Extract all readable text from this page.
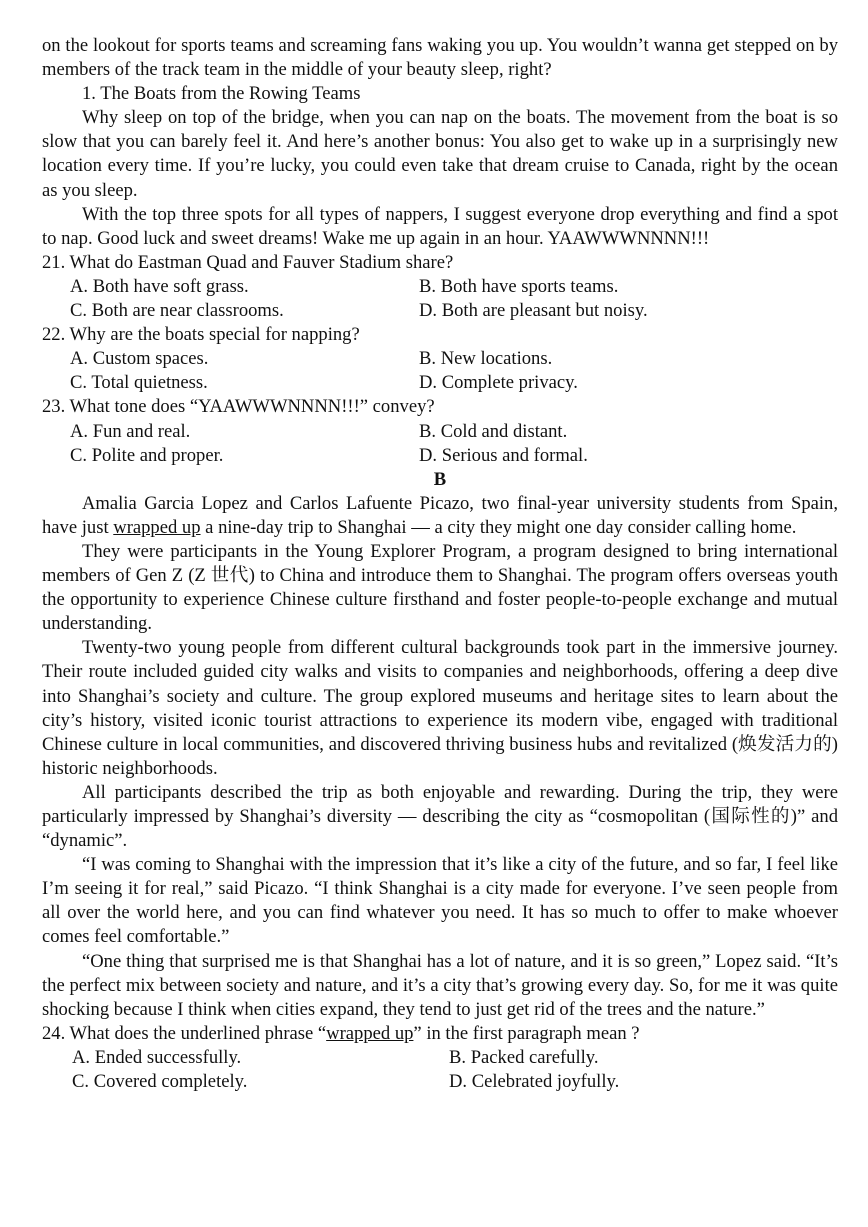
on the lookout for sports teams and screaming fans waking you up. You wouldn’t wanna get stepped on by members of the track team in the middle of your beauty sleep, right?

1. The Boats from the Rowing Teams

Why sleep on top of the bridge, when you can nap on the boats. The movement from the boat is so slow that you can barely feel it. And here’s another bonus: You also get to wake up in a surprisingly new location every time. If you’re lucky, you could even take that dream cruise to Canada, right by the ocean as you sleep.

With the top three spots for all types of nappers, I suggest everyone drop everything and find a spot to nap. Good luck and sweet dreams! Wake me up again in an hour. YAAWWWNNNN!!!

21. What do Eastman Quad and Fauver Stadium share?

A. Both have soft grass.	B. Both have sports teams.
C. Both are near classrooms.	D. Both are pleasant but noisy.

22. Why are the boats special for napping?

A. Custom spaces.	B. New locations.
C. Total quietness.	D. Complete privacy.

23. What tone does “YAAWWWNNNN!!!” convey?

A. Fun and real.	B. Cold and distant.
C. Polite and proper.	D. Serious and formal.

B

Amalia Garcia Lopez and Carlos Lafuente Picazo, two final-year university students from Spain, have just wrapped up a nine-day trip to Shanghai — a city they might one day consider calling home.

They were participants in the Young Explorer Program, a program designed to bring international members of Gen Z (Z 世代) to China and introduce them to Shanghai. The program offers overseas youth the opportunity to experience Chinese culture firsthand and foster people-to-people exchange and mutual understanding.

Twenty-two young people from different cultural backgrounds took part in the immersive journey. Their route included guided city walks and visits to companies and neighborhoods, offering a deep dive into Shanghai’s society and culture. The group explored museums and heritage sites to learn about the city’s history, visited iconic tourist attractions to experience its modern vibe, engaged with traditional Chinese culture in local communities, and discovered thriving business hubs and revitalized (焕发活力的) historic neighborhoods.

All participants described the trip as both enjoyable and rewarding. During the trip, they were particularly impressed by Shanghai’s diversity — describing the city as “cosmopolitan (国际性的)” and “dynamic”.

“I was coming to Shanghai with the impression that it’s like a city of the future, and so far, I feel like I’m seeing it for real,” said Picazo. “I think Shanghai is a city made for everyone. I’ve seen people from all over the world here, and you can find whatever you need. It has so much to offer to make whoever comes feel comfortable.”

“One thing that surprised me is that Shanghai has a lot of nature, and it is so green,” Lopez said. “It’s the perfect mix between society and nature, and it’s a city that’s growing every day. So, for me it was quite shocking because I think when cities expand, they tend to just get rid of the trees and the nature.”

24. What does the underlined phrase “wrapped up” in the first paragraph mean ?

A. Ended successfully.	B. Packed carefully.
C. Covered completely.	D. Celebrated joyfully.
